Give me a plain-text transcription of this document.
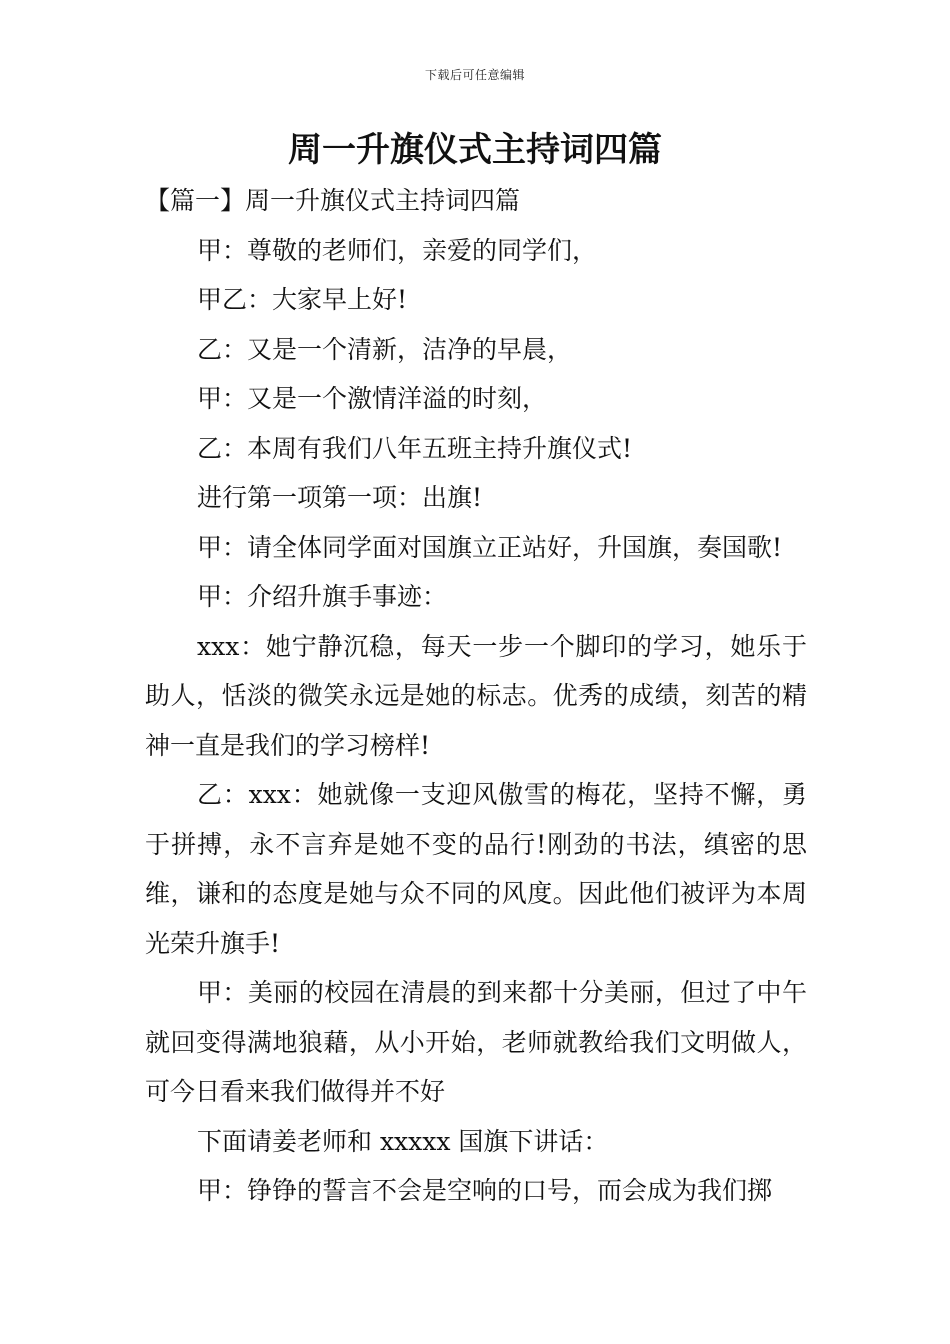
下载后可任意编辑
周一升旗仪式主持词四篇

【篇一】周一升旗仪式主持词四篇

甲：尊敬的老师们，亲爱的同学们，

甲乙：大家早上好!

乙：又是一个清新，洁净的早晨，

甲：又是一个激情洋溢的时刻，

乙：本周有我们八年五班主持升旗仪式!

进行第一项第一项：出旗!

甲：请全体同学面对国旗立正站好，升国旗，奏国歌!

甲：介绍升旗手事迹：

xxx：她宁静沉稳，每天一步一个脚印的学习，她乐于助人，恬淡的微笑永远是她的标志。优秀的成绩，刻苦的精神一直是我们的学习榜样!

乙：xxx：她就像一支迎风傲雪的梅花，坚持不懈，勇于拼搏，永不言弃是她不变的品行!刚劲的书法，缜密的思维，谦和的态度是她与众不同的风度。因此他们被评为本周光荣升旗手!

甲：美丽的校园在清晨的到来都十分美丽，但过了中午就回变得满地狼藉，从小开始，老师就教给我们文明做人，可今日看来我们做得并不好

下面请姜老师和 xxxxx 国旗下讲话：

甲：铮铮的誓言不会是空响的口号，而会成为我们掷
